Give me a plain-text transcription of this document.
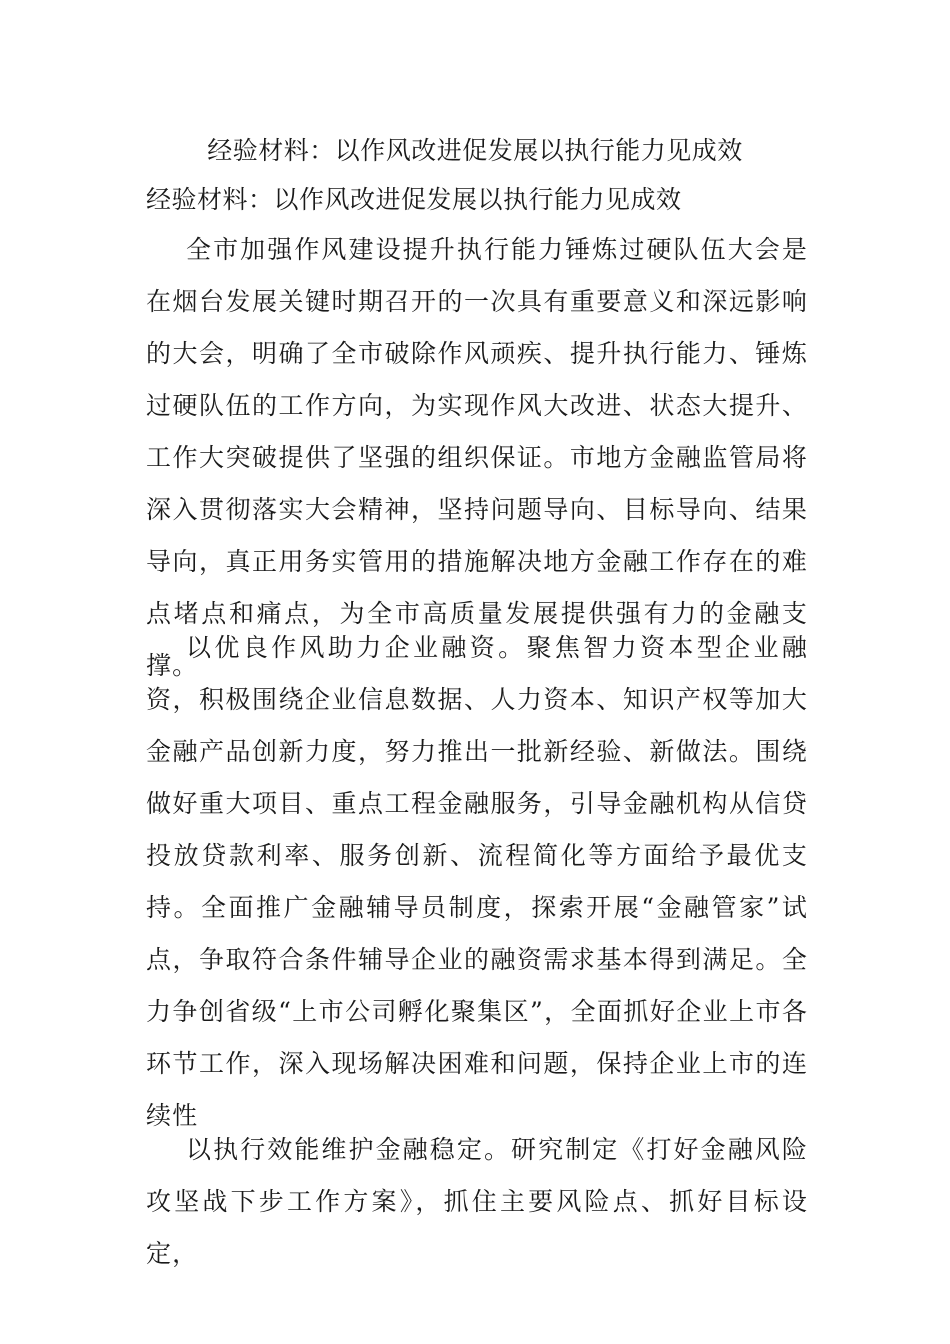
经验材料：以作风改进促发展以执行能力见成效
经验材料：以作风改进促发展以执行能力见成效

全市加强作风建设提升执行能力锤炼过硬队伍大会是在烟台发展关键时期召开的一次具有重要意义和深远影响的大会，明确了全市破除作风顽疾、提升执行能力、锤炼过硬队伍的工作方向，为实现作风大改进、状态大提升、工作大突破提供了坚强的组织保证。市地方金融监管局将深入贯彻落实大会精神，坚持问题导向、目标导向、结果导向，真正用务实管用的措施解决地方金融工作存在的难点堵点和痛点，为全市高质量发展提供强有力的金融支撑。

以优良作风助力企业融资。聚焦智力资本型企业融资，积极围绕企业信息数据、人力资本、知识产权等加大金融产品创新力度，努力推出一批新经验、新做法。围绕做好重大项目、重点工程金融服务，引导金融机构从信贷投放贷款利率、服务创新、流程简化等方面给予最优支持。全面推广金融辅导员制度，探索开展“金融管家”试点，争取符合条件辅导企业的融资需求基本得到满足。全力争创省级“上市公司孵化聚集区”，全面抓好企业上市各环节工作，深入现场解决困难和问题，保持企业上市的连续性

以执行效能维护金融稳定。研究制定《打好金融风险攻坚战下步工作方案》，抓住主要风险点、抓好目标设定，
